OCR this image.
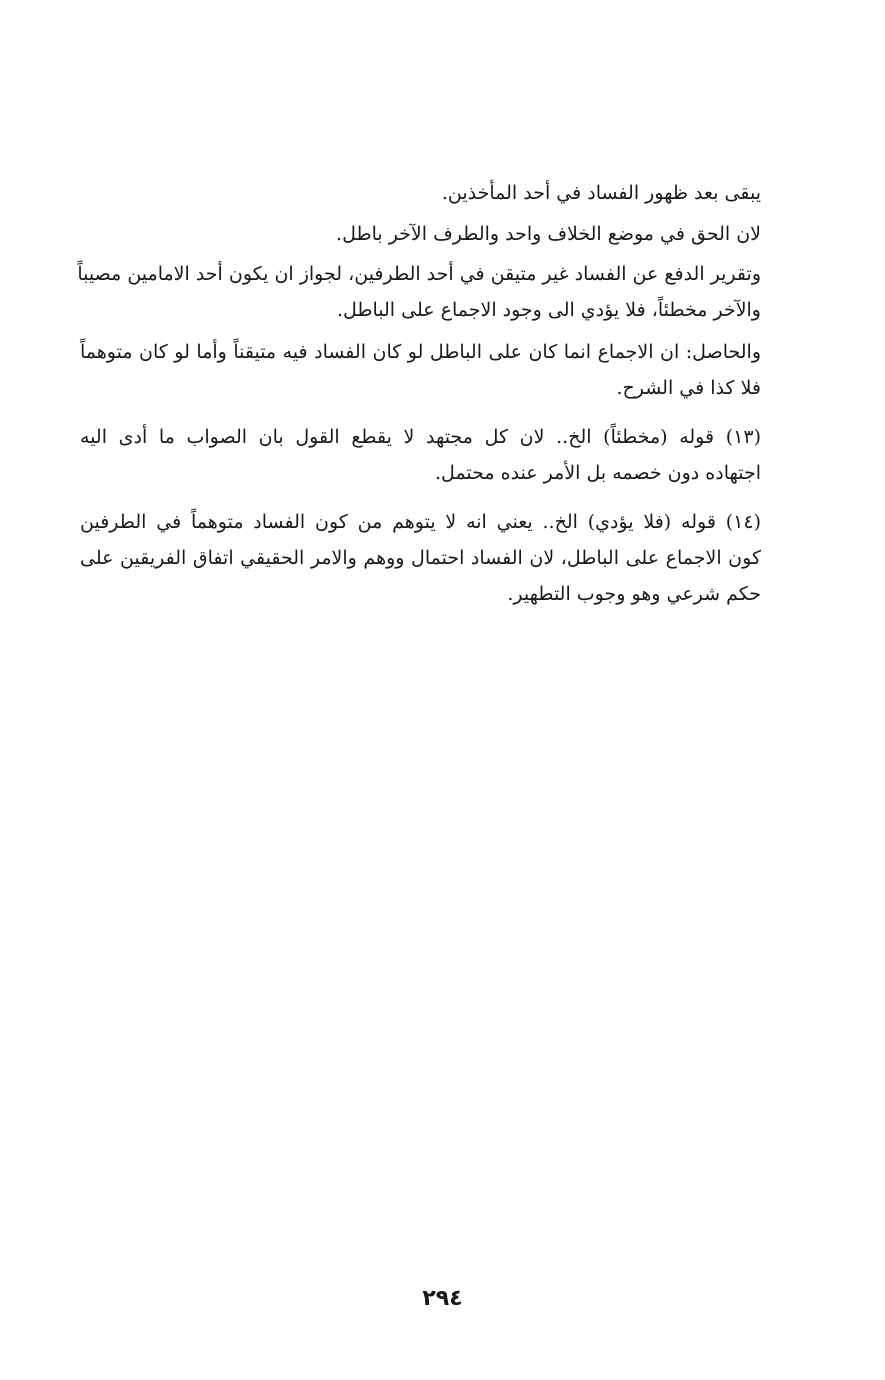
يبقى بعد ظهور الفساد في أحد المأخذين.
لان الحق في موضع الخلاف واحد والطرف الآخر باطل.
وتقرير الدفع عن الفساد غير متيقن في أحد الطرفين، لجواز ان يكون أحد الامامين مصيباً
والآخر مخطئاً، فلا يؤدي الى وجود الاجماع على الباطل.
والحاصل: ان الاجماع انما كان على الباطل لو كان الفساد فيه متيقناً وأما لو كان متوهماً
فلا كذا في الشرح.
(١٣) قوله (مخطئاً) الخ.. لان كل مجتهد لا يقطع القول بان الصواب ما أدى اليه
اجتهاده دون خصمه بل الأمر عنده محتمل.
(١٤) قوله (فلا يؤدي) الخ.. يعني انه لا يتوهم من كون الفساد متوهماً في الطرفين
كون الاجماع على الباطل، لان الفساد احتمال ووهم والامر الحقيقي اتفاق الفريقين على
حكم شرعي وهو وجوب التطهير.
٢٩٤
